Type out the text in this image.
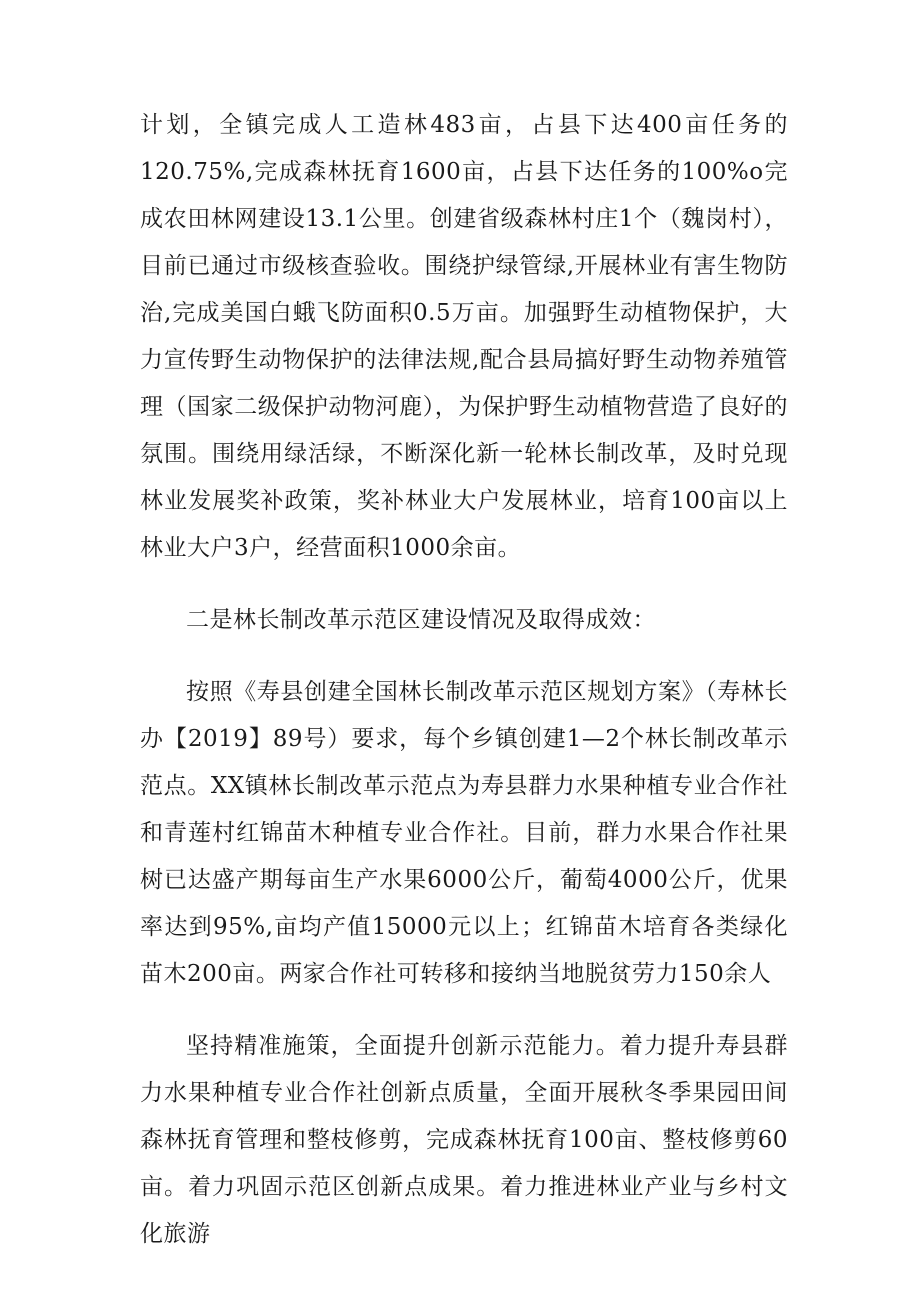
计划，全镇完成人工造林483亩，占县下达400亩任务的120.75%,完成森林抚育1600亩，占县下达任务的100%o完成农田林网建设13.1公里。创建省级森林村庄1个（魏岗村），目前已通过市级核查验收。围绕护绿管绿,开展林业有害生物防治,完成美国白蛾飞防面积0.5万亩。加强野生动植物保护，大力宣传野生动物保护的法律法规,配合县局搞好野生动物养殖管理（国家二级保护动物河鹿），为保护野生动植物营造了良好的氛围。围绕用绿活绿，不断深化新一轮林长制改革，及时兑现林业发展奖补政策，奖补林业大户发展林业，培育100亩以上林业大户3户，经营面积1000余亩。

二是林长制改革示范区建设情况及取得成效：

按照《寿县创建全国林长制改革示范区规划方案》（寿林长办【2019】89号）要求，每个乡镇创建1—2个林长制改革示范点。XX镇林长制改革示范点为寿县群力水果种植专业合作社和青莲村红锦苗木种植专业合作社。目前，群力水果合作社果树已达盛产期每亩生产水果6000公斤，葡萄4000公斤，优果率达到95%,亩均产值15000元以上；红锦苗木培育各类绿化苗木200亩。两家合作社可转移和接纳当地脱贫劳力150余人

坚持精准施策，全面提升创新示范能力。着力提升寿县群力水果种植专业合作社创新点质量，全面开展秋冬季果园田间森林抚育管理和整枝修剪，完成森林抚育100亩、整枝修剪60亩。着力巩固示范区创新点成果。着力推进林业产业与乡村文化旅游
